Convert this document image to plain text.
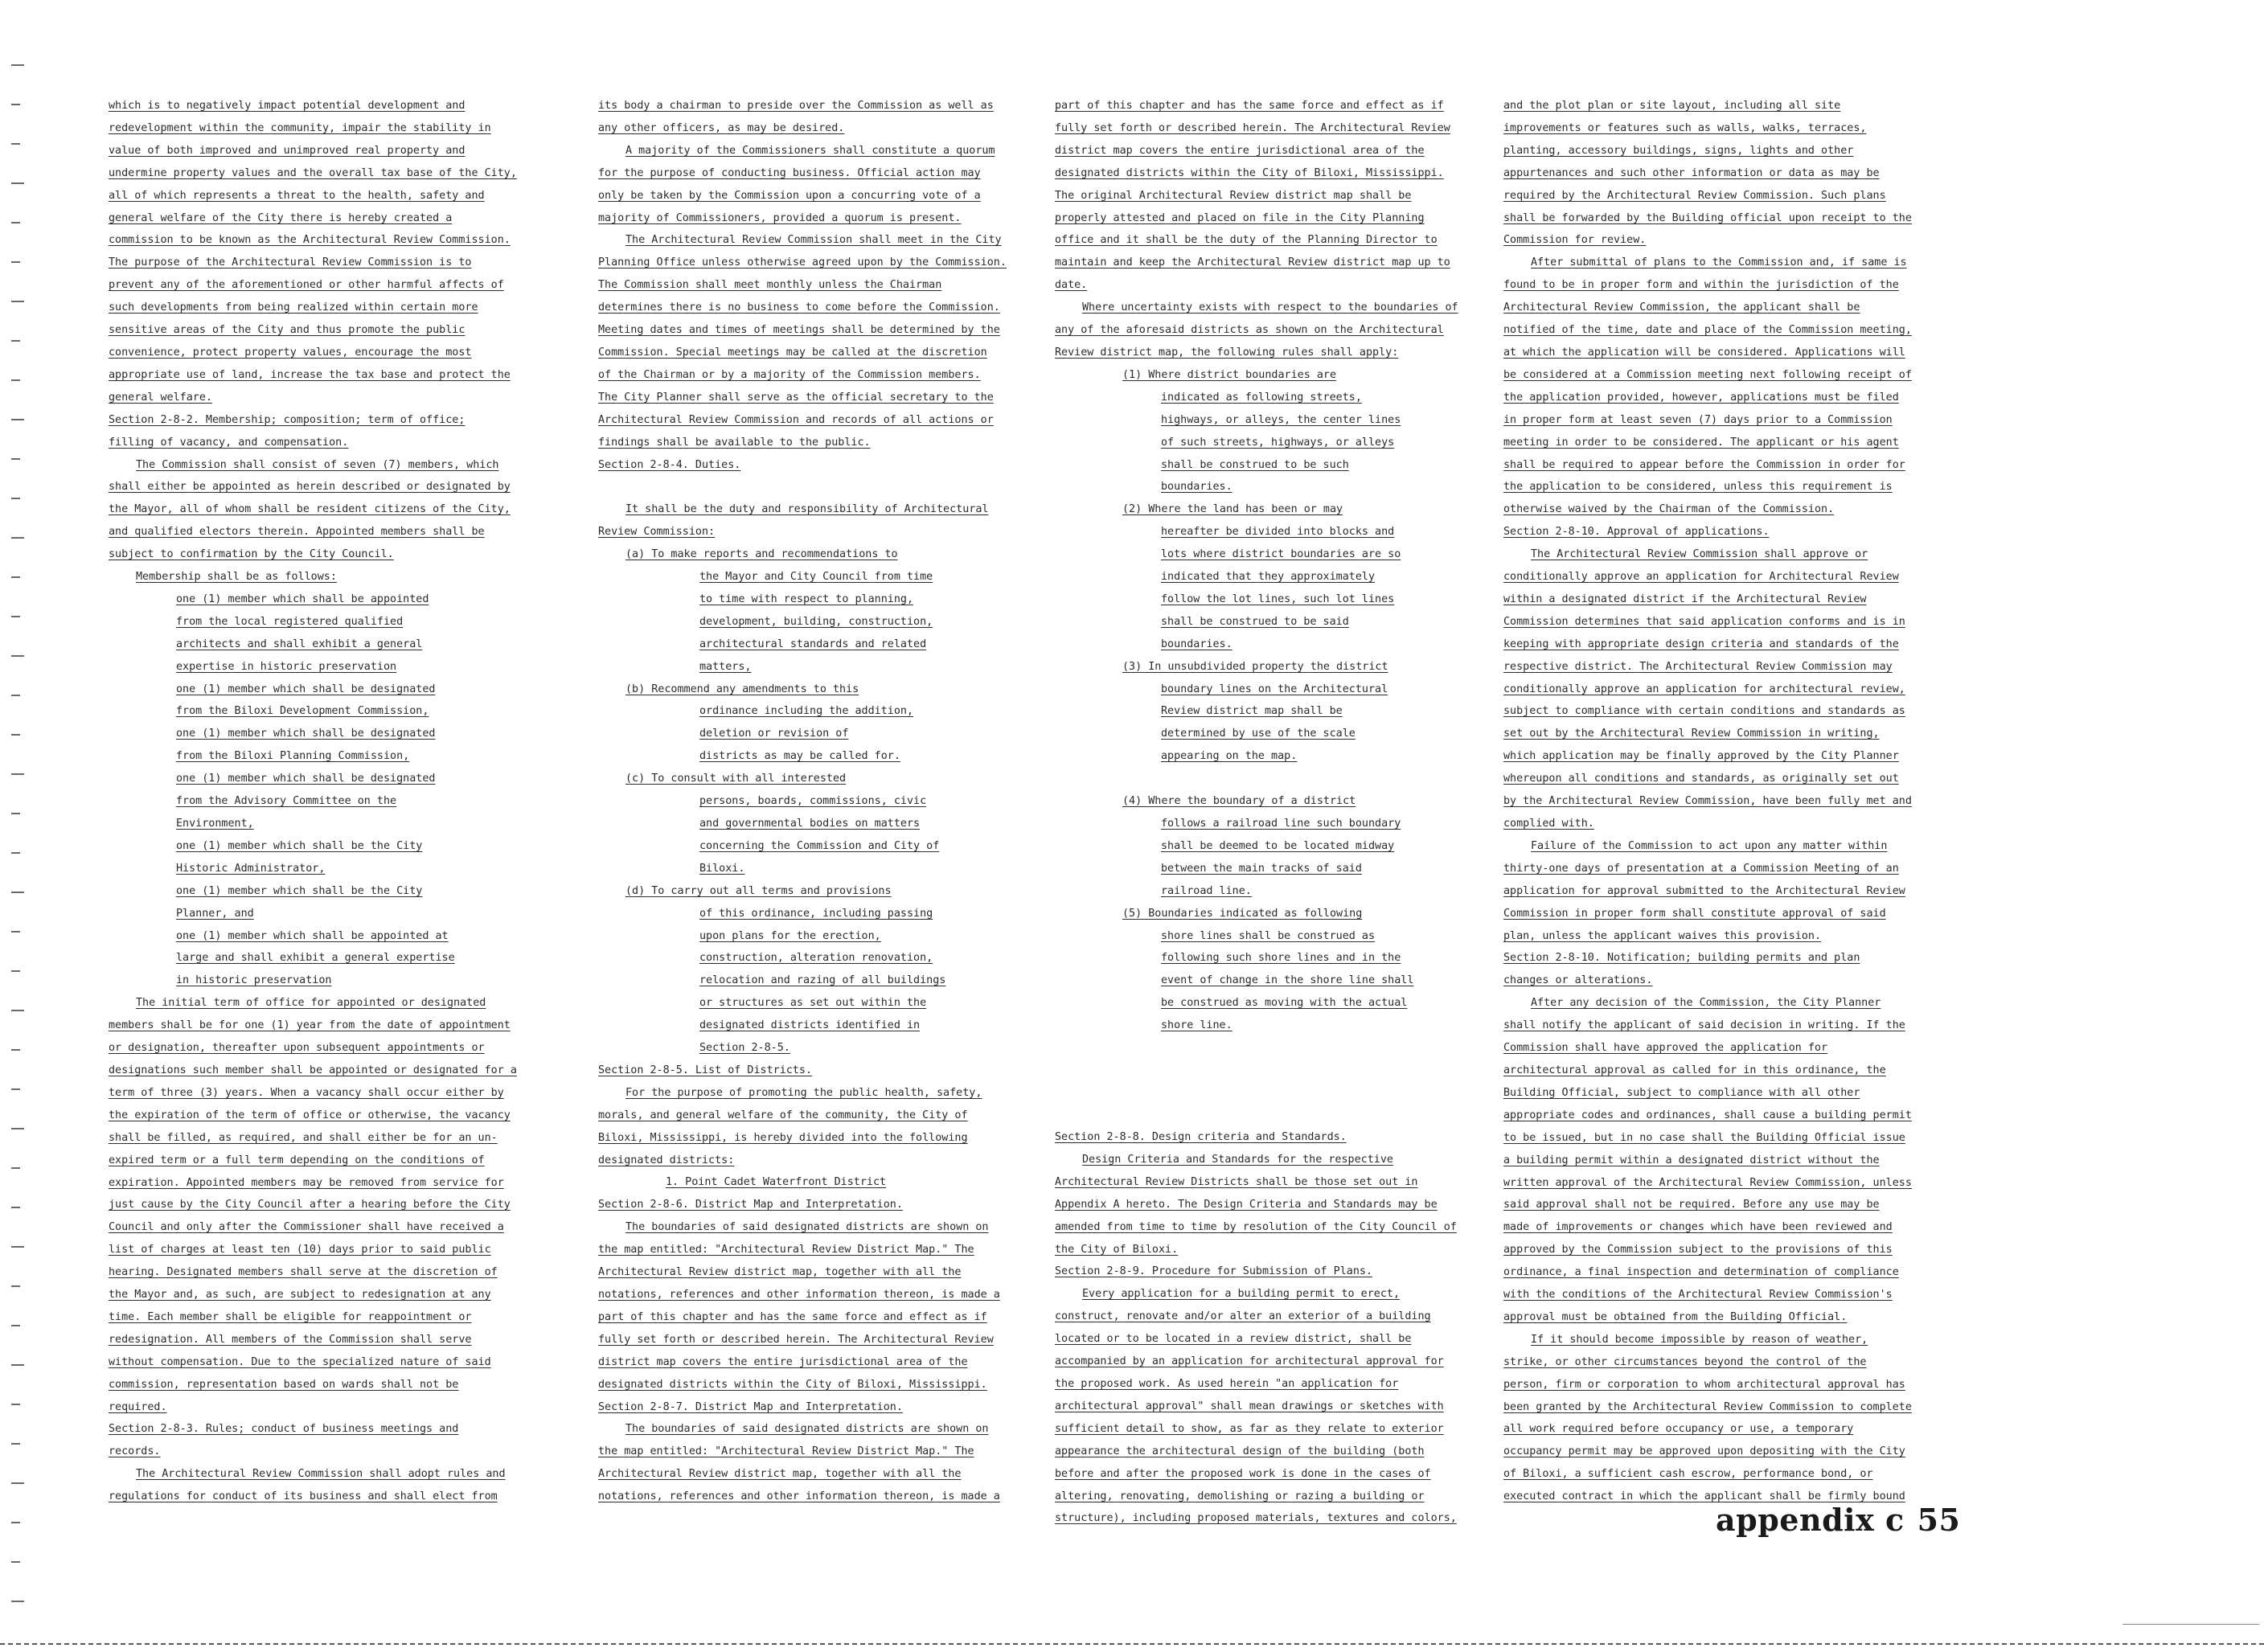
which is to negatively impact potential development and
redevelopment within the community, impair the stability in
value of both improved and unimproved real property and
undermine property values and the overall tax base of the City,
all of which represents a threat to the health, safety and
general welfare of the City there is hereby created a
commission to be known as the Architectural Review Commission.
The purpose of the Architectural Review Commission is to
prevent any of the aforementioned or other harmful affects of
such developments from being realized within certain more
sensitive areas of the City and thus promote the public
convenience, protect property values, encourage the most
appropriate use of land, increase the tax base and protect the
general welfare.
Section 2-8-2. Membership; composition; term of office;
filling of vacancy, and compensation.
The Commission shall consist of seven (7) members, which
shall either be appointed as herein described or designated by
the Mayor, all of whom shall be resident citizens of the City,
and qualified electors therein. Appointed members shall be
subject to confirmation by the City Council.
Membership shall be as follows:
one (1) member which shall be appointed
from the local registered qualified
architects and shall exhibit a general
expertise in historic preservation
one (1) member which shall be designated
from the Biloxi Development Commission,
one (1) member which shall be designated
from the Biloxi Planning Commission,
one (1) member which shall be designated
from the Advisory Committee on the
Environment,
one (1) member which shall be the City
Historic Administrator,
one (1) member which shall be the City
Planner, and
one (1) member which shall be appointed at
large and shall exhibit a general expertise
in historic preservation
The initial term of office for appointed or designated
members shall be for one (1) year from the date of appointment
or designation, thereafter upon subsequent appointments or
designations such member shall be appointed or designated for a
term of three (3) years. When a vacancy shall occur either by
the expiration of the term of office or otherwise, the vacancy
shall be filled, as required, and shall either be for an un-
expired term or a full term depending on the conditions of
expiration. Appointed members may be removed from service for
just cause by the City Council after a hearing before the City
Council and only after the Commissioner shall have received a
list of charges at least ten (10) days prior to said public
hearing. Designated members shall serve at the discretion of
the Mayor and, as such, are subject to redesignation at any
time. Each member shall be eligible for reappointment or
redesignation. All members of the Commission shall serve
without compensation. Due to the specialized nature of said
commission, representation based on wards shall not be
required.
Section 2-8-3. Rules; conduct of business meetings and
records.
The Architectural Review Commission shall adopt rules and
regulations for conduct of its business and shall elect from
its body a chairman to preside over the Commission as well as
any other officers, as may be desired.
A majority of the Commissioners shall constitute a quorum
for the purpose of conducting business. Official action may
only be taken by the Commission upon a concurring vote of a
majority of Commissioners, provided a quorum is present.
The Architectural Review Commission shall meet in the City
Planning Office unless otherwise agreed upon by the Commission.
The Commission shall meet monthly unless the Chairman
determines there is no business to come before the Commission.
Meeting dates and times of meetings shall be determined by the
Commission. Special meetings may be called at the discretion
of the Chairman or by a majority of the Commission members.
The City Planner shall serve as the official secretary to the
Architectural Review Commission and records of all actions or
findings shall be available to the public.
Section 2-8-4. Duties.
It shall be the duty and responsibility of Architectural
Review Commission:
(a) To make reports and recommendations to
the Mayor and City Council from time
to time with respect to planning,
development, building, construction,
architectural standards and related
matters,
(b) Recommend any amendments to this
ordinance including the addition,
deletion or revision of
districts as may be called for.
(c) To consult with all interested
persons, boards, commissions, civic
and governmental bodies on matters
concerning the Commission and City of
Biloxi.
(d) To carry out all terms and provisions
of this ordinance, including passing
upon plans for the erection,
construction, alteration renovation,
relocation and razing of all buildings
or structures as set out within the
designated districts identified in
Section 2-8-5.
Section 2-8-5. List of Districts.
For the purpose of promoting the public health, safety,
morals, and general welfare of the community, the City of
Biloxi, Mississippi, is hereby divided into the following
designated districts:
1. Point Cadet Waterfront District
Section 2-8-6. District Map and Interpretation.
The boundaries of said designated districts are shown on
the map entitled: "Architectural Review District Map." The
Architectural Review district map, together with all the
notations, references and other information thereon, is made a
part of this chapter and has the same force and effect as if
fully set forth or described herein. The Architectural Review
district map covers the entire jurisdictional area of the
designated districts within the City of Biloxi, Mississippi.
Section 2-8-7. District Map and Interpretation.
The boundaries of said designated districts are shown on
the map entitled: "Architectural Review District Map." The
Architectural Review district map, together with all the
notations, references and other information thereon, is made a
part of this chapter and has the same force and effect as if
fully set forth or described herein. The Architectural Review
district map covers the entire jurisdictional area of the
designated districts within the City of Biloxi, Mississippi.
The original Architectural Review district map shall be
properly attested and placed on file in the City Planning
office and it shall be the duty of the Planning Director to
maintain and keep the Architectural Review district map up to
date.
Where uncertainty exists with respect to the boundaries of
any of the aforesaid districts as shown on the Architectural
Review district map, the following rules shall apply:
(1) Where district boundaries are
indicated as following streets,
highways, or alleys, the center lines
of such streets, highways, or alleys
shall be construed to be such
boundaries.
(2) Where the land has been or may
hereafter be divided into blocks and
lots where district boundaries are so
indicated that they approximately
follow the lot lines, such lot lines
shall be construed to be said
boundaries.
(3) In unsubdivided property the district
boundary lines on the Architectural
Review district map shall be
determined by use of the scale
appearing on the map.
(4) Where the boundary of a district
follows a railroad line such boundary
shall be deemed to be located midway
between the main tracks of said
railroad line.
(5) Boundaries indicated as following
shore lines shall be construed as
following such shore lines and in the
event of change in the shore line shall
be construed as moving with the actual
shore line.
Section 2-8-8. Design criteria and Standards.
Design Criteria and Standards for the respective
Architectural Review Districts shall be those set out in
Appendix A hereto. The Design Criteria and Standards may be
amended from time to time by resolution of the City Council of
the City of Biloxi.
Section 2-8-9. Procedure for Submission of Plans.
Every application for a building permit to erect,
construct, renovate and/or alter an exterior of a building
located or to be located in a review district, shall be
accompanied by an application for architectural approval for
the proposed work. As used herein "an application for
architectural approval" shall mean drawings or sketches with
sufficient detail to show, as far as they relate to exterior
appearance the architectural design of the building (both
before and after the proposed work is done in the cases of
altering, renovating, demolishing or razing a building or
structure), including proposed materials, textures and colors,
and the plot plan or site layout, including all site
improvements or features such as walls, walks, terraces,
planting, accessory buildings, signs, lights and other
appurtenances and such other information or data as may be
required by the Architectural Review Commission. Such plans
shall be forwarded by the Building official upon receipt to the
Commission for review.
After submittal of plans to the Commission and, if same is
found to be in proper form and within the jurisdiction of the
Architectural Review Commission, the applicant shall be
notified of the time, date and place of the Commission meeting,
at which the application will be considered. Applications will
be considered at a Commission meeting next following receipt of
the application provided, however, applications must be filed
in proper form at least seven (7) days prior to a Commission
meeting in order to be considered. The applicant or his agent
shall be required to appear before the Commission in order for
the application to be considered, unless this requirement is
otherwise waived by the Chairman of the Commission.
Section 2-8-10. Approval of applications.
The Architectural Review Commission shall approve or
conditionally approve an application for Architectural Review
within a designated district if the Architectural Review
Commission determines that said application conforms and is in
keeping with appropriate design criteria and standards of the
respective district. The Architectural Review Commission may
conditionally approve an application for architectural review,
subject to compliance with certain conditions and standards as
set out by the Architectural Review Commission in writing,
which application may be finally approved by the City Planner
whereupon all conditions and standards, as originally set out
by the Architectural Review Commission, have been fully met and
complied with.
Failure of the Commission to act upon any matter within
thirty-one days of presentation at a Commission Meeting of an
application for approval submitted to the Architectural Review
Commission in proper form shall constitute approval of said
plan, unless the applicant waives this provision.
Section 2-8-10. Notification; building permits and plan
changes or alterations.
After any decision of the Commission, the City Planner
shall notify the applicant of said decision in writing. If the
Commission shall have approved the application for
architectural approval as called for in this ordinance, the
Building Official, subject to compliance with all other
appropriate codes and ordinances, shall cause a building permit
to be issued, but in no case shall the Building Official issue
a building permit within a designated district without the
written approval of the Architectural Review Commission, unless
said approval shall not be required. Before any use may be
made of improvements or changes which have been reviewed and
approved by the Commission subject to the provisions of this
ordinance, a final inspection and determination of compliance
with the conditions of the Architectural Review Commission's
approval must be obtained from the Building Official.
If it should become impossible by reason of weather,
strike, or other circumstances beyond the control of the
person, firm or corporation to whom architectural approval has
been granted by the Architectural Review Commission to complete
all work required before occupancy or use, a temporary
occupancy permit may be approved upon depositing with the City
of Biloxi, a sufficient cash escrow, performance bond, or
executed contract in which the applicant shall be firmly bound
appendix c 55
